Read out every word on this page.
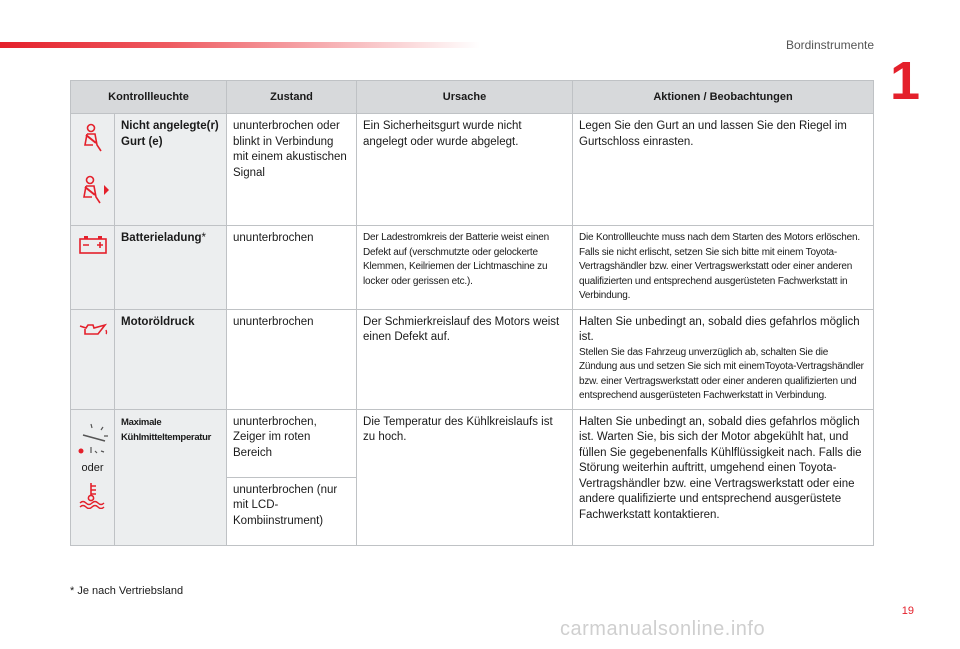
Bordinstrumente
1
Kontrollleuchte		Zustand	Ursache	Aktionen / Beobachtungen

	Nicht angelegte(r) Gurt (e)	ununterbrochen oder blinkt in Verbindung mit einem akustischen Signal	Ein Sicherheitsgurt wurde nicht angelegt oder wurde abgelegt.	Legen Sie den Gurt an und lassen Sie den Riegel im Gurtschloss einrasten.

	Batterieladung*	ununterbrochen	Der Ladestromkreis der Batterie weist einen Defekt auf (verschmutzte oder gelockerte Klemmen, Keilriemen der Lichtmaschine zu locker oder gerissen etc.).	Die Kontrollleuchte muss nach dem Starten des Motors erlöschen. Falls sie nicht erlischt, setzen Sie sich bitte mit einem Toyota-Vertragshändler bzw. einer Vertragswerkstatt oder einer anderen qualifizierten und entsprechend ausgerüsteten Fachwerkstatt in Verbindung.

	Motoröldruck	ununterbrochen	Der Schmierkreislauf des Motors weist einen Defekt auf.	Halten Sie unbedingt an, sobald dies gefahrlos möglich ist.
Stellen Sie das Fahrzeug unverzüglich ab, schalten Sie die Zündung aus und setzen Sie sich mit einemToyota-Vertragshändler bzw. einer Vertragswerkstatt oder einer anderen qualifizierten und entsprechend ausgerüsteten Fachwerkstatt in Verbindung.

oder	Maximale Kühlmitteltemperatur	ununterbrochen, Zeiger im roten Bereich	Die Temperatur des Kühlkreislaufs ist zu hoch.	Halten Sie unbedingt an, sobald dies gefahrlos möglich ist. Warten Sie, bis sich der Motor abgekühlt hat, und füllen Sie gegebenenfalls Kühlflüssigkeit nach. Falls die Störung weiterhin auftritt, umgehend einen Toyota-Vertragshändler bzw. eine Vertragswerkstatt oder eine andere qualifizierte und entsprechend ausgerüstete Fachwerkstatt kontaktieren.
		ununterbrochen (nur mit LCD-Kombiinstrument)		
* Je nach Vertriebsland
19
carmanualsonline.info
